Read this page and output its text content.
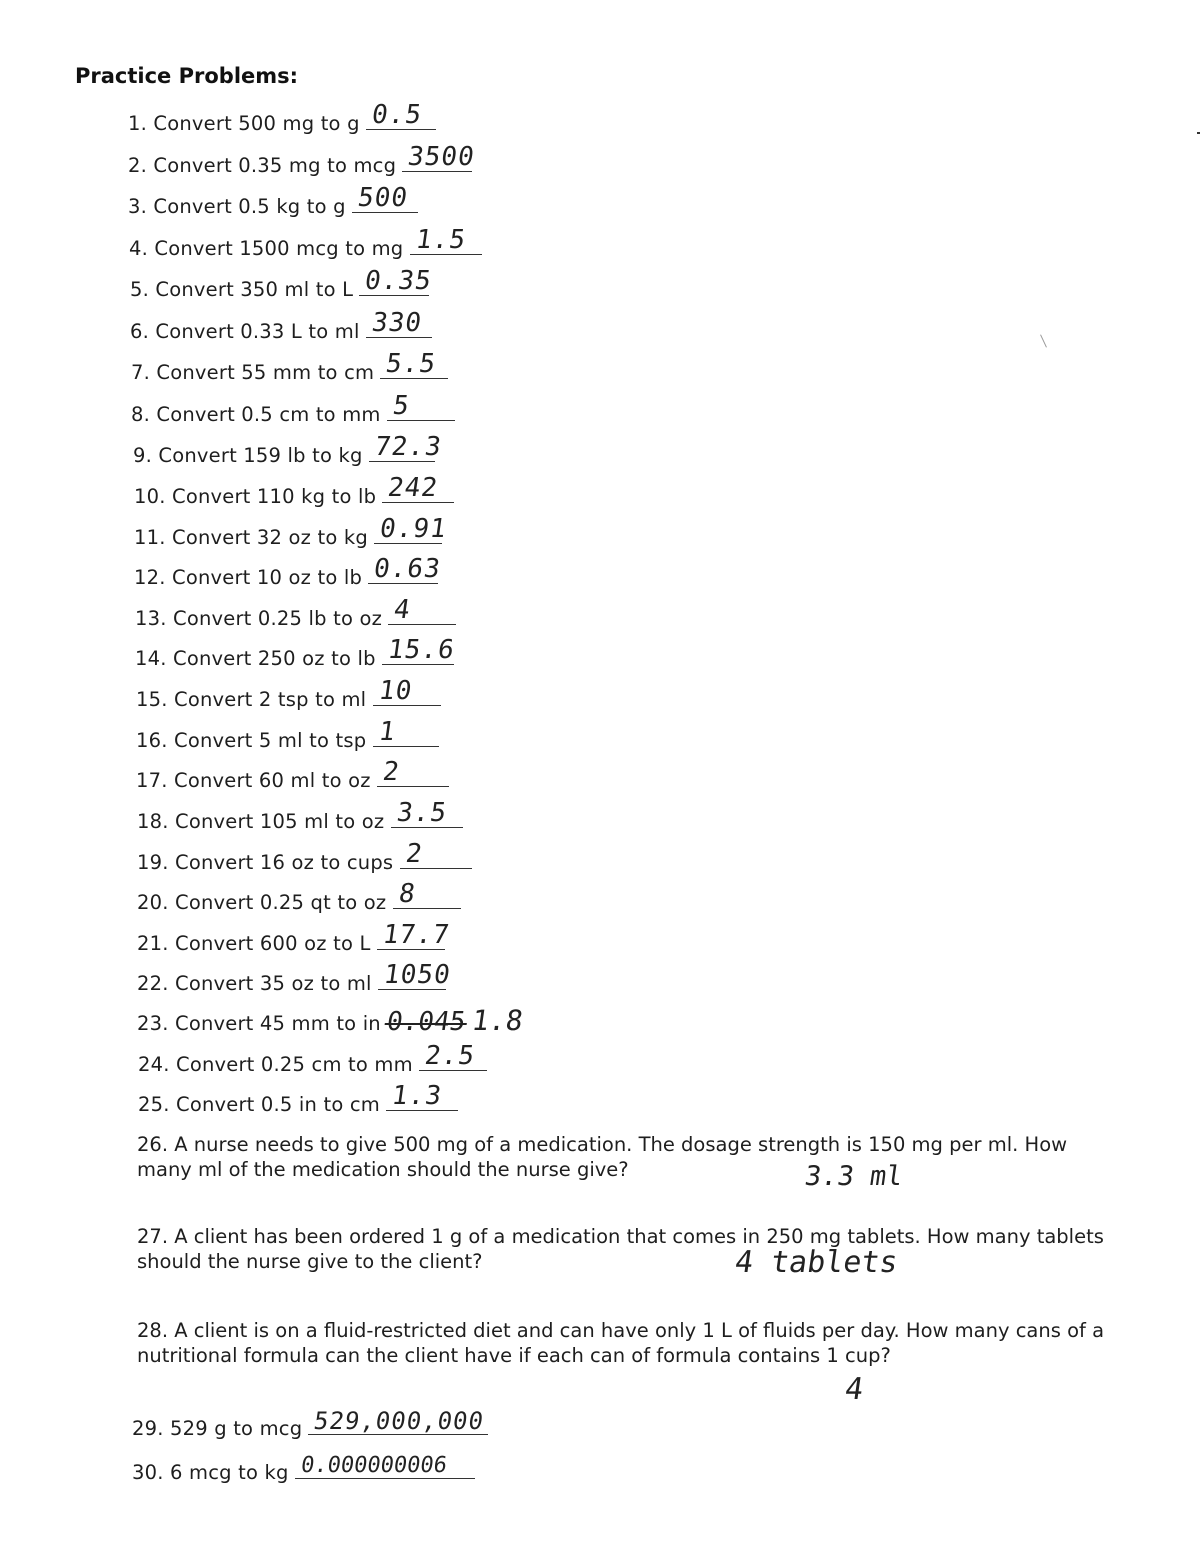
Practice Problems:
1. Convert 500 mg to g 0.5
2. Convert 0.35 mg to mcg 3500
3. Convert 0.5 kg to g 500
4. Convert 1500 mcg to mg 1.5
5. Convert 350 ml to L 0.35
6. Convert 0.33 L to ml 330
7. Convert 55 mm to cm 5.5
8. Convert 0.5 cm to mm 5
9. Convert 159 lb to kg 72.3
10. Convert 110 kg to lb 242
11. Convert 32 oz to kg 0.91
12. Convert 10 oz to lb 0.63
13. Convert 0.25 lb to oz 4
14. Convert 250 oz to lb 15.6
15. Convert 2 tsp to ml 10
16. Convert 5 ml to tsp 1
17. Convert 60 ml to oz 2
18. Convert 105 ml to oz 3.5
19. Convert 16 oz to cups 2
20. Convert 0.25 qt to oz 8
21. Convert 600 oz to L 17.7
22. Convert 35 oz to ml 1050
23. Convert 45 mm to in 0.045 1.8
24. Convert 0.25 cm to mm 2.5
25. Convert 0.5 in to cm 1.3
26. A nurse needs to give 500 mg of a medication. The dosage strength is 150 mg per ml. How many ml of the medication should the nurse give?	3.3 ml
27. A client has been ordered 1 g of a medication that comes in 250 mg tablets. How many tablets should the nurse give to the client?	4 tablets
28. A client is on a fluid-restricted diet and can have only 1 L of fluids per day. How many cans of a nutritional formula can the client have if each can of formula contains 1 cup?
4
29. 529 g to mcg 529,000,000
30. 6 mcg to kg 0.000000006
